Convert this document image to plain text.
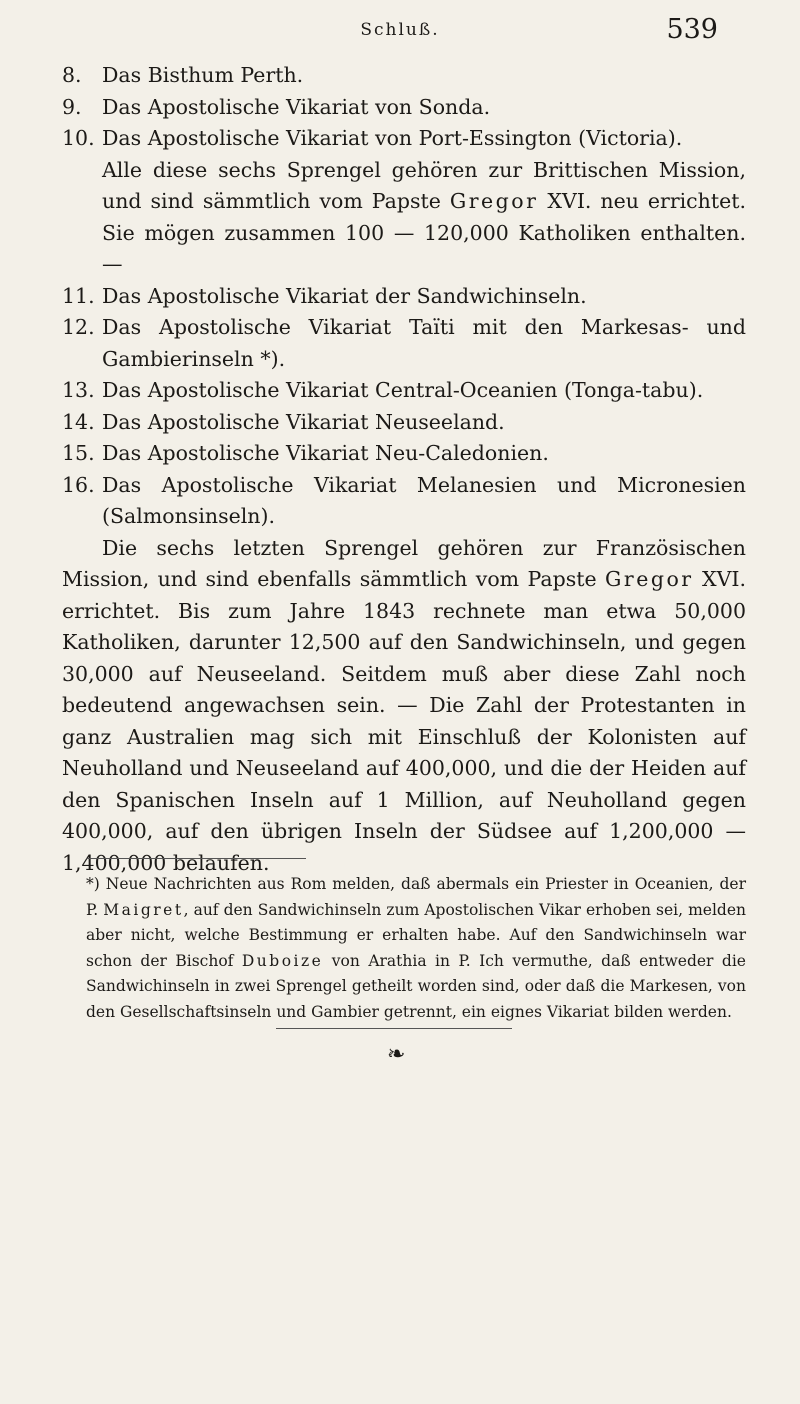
Schluß.	539

8. Das Bisthum Perth.

9. Das Apostolische Vikariat von Sonda.

10. Das Apostolische Vikariat von Port-Essington (Victoria).

Alle diese sechs Sprengel gehören zur Brittischen Mission, und sind sämmtlich vom Papste Gregor XVI. neu errichtet. Sie mögen zusammen 100 — 120,000 Katholiken enthalten. —

11. Das Apostolische Vikariat der Sandwichinseln.

12. Das Apostolische Vikariat Taïti mit den Markesas- und Gambierinseln *).

13. Das Apostolische Vikariat Central-Oceanien (Tonga-tabu).

14. Das Apostolische Vikariat Neuseeland.

15. Das Apostolische Vikariat Neu-Caledonien.

16. Das Apostolische Vikariat Melanesien und Micronesien (Salmonsinseln).

Die sechs letzten Sprengel gehören zur Französischen Mission, und sind ebenfalls sämmtlich vom Papste Gregor XVI. errichtet. Bis zum Jahre 1843 rechnete man etwa 50,000 Katholiken, darunter 12,500 auf den Sandwichinseln, und gegen 30,000 auf Neuseeland. Seitdem muß aber diese Zahl noch bedeutend angewachsen sein. — Die Zahl der Protestanten in ganz Australien mag sich mit Einschluß der Kolonisten auf Neuholland und Neuseeland auf 400,000, und die der Heiden auf den Spanischen Inseln auf 1 Million, auf Neuholland gegen 400,000, auf den übrigen Inseln der Südsee auf 1,200,000 — 1,400,000 belaufen.

*) Neue Nachrichten aus Rom melden, daß abermals ein Priester in Oceanien, der P. Maigret, auf den Sandwichinseln zum Apostolischen Vikar erhoben sei, melden aber nicht, welche Bestimmung er erhalten habe. Auf den Sandwichinseln war schon der Bischof Duboize von Arathia in P. Ich vermuthe, daß entweder die Sandwichinseln in zwei Sprengel getheilt worden sind, oder daß die Markesen, von den Gesellschaftsinseln und Gambier getrennt, ein eignes Vikariat bilden werden.

❧
